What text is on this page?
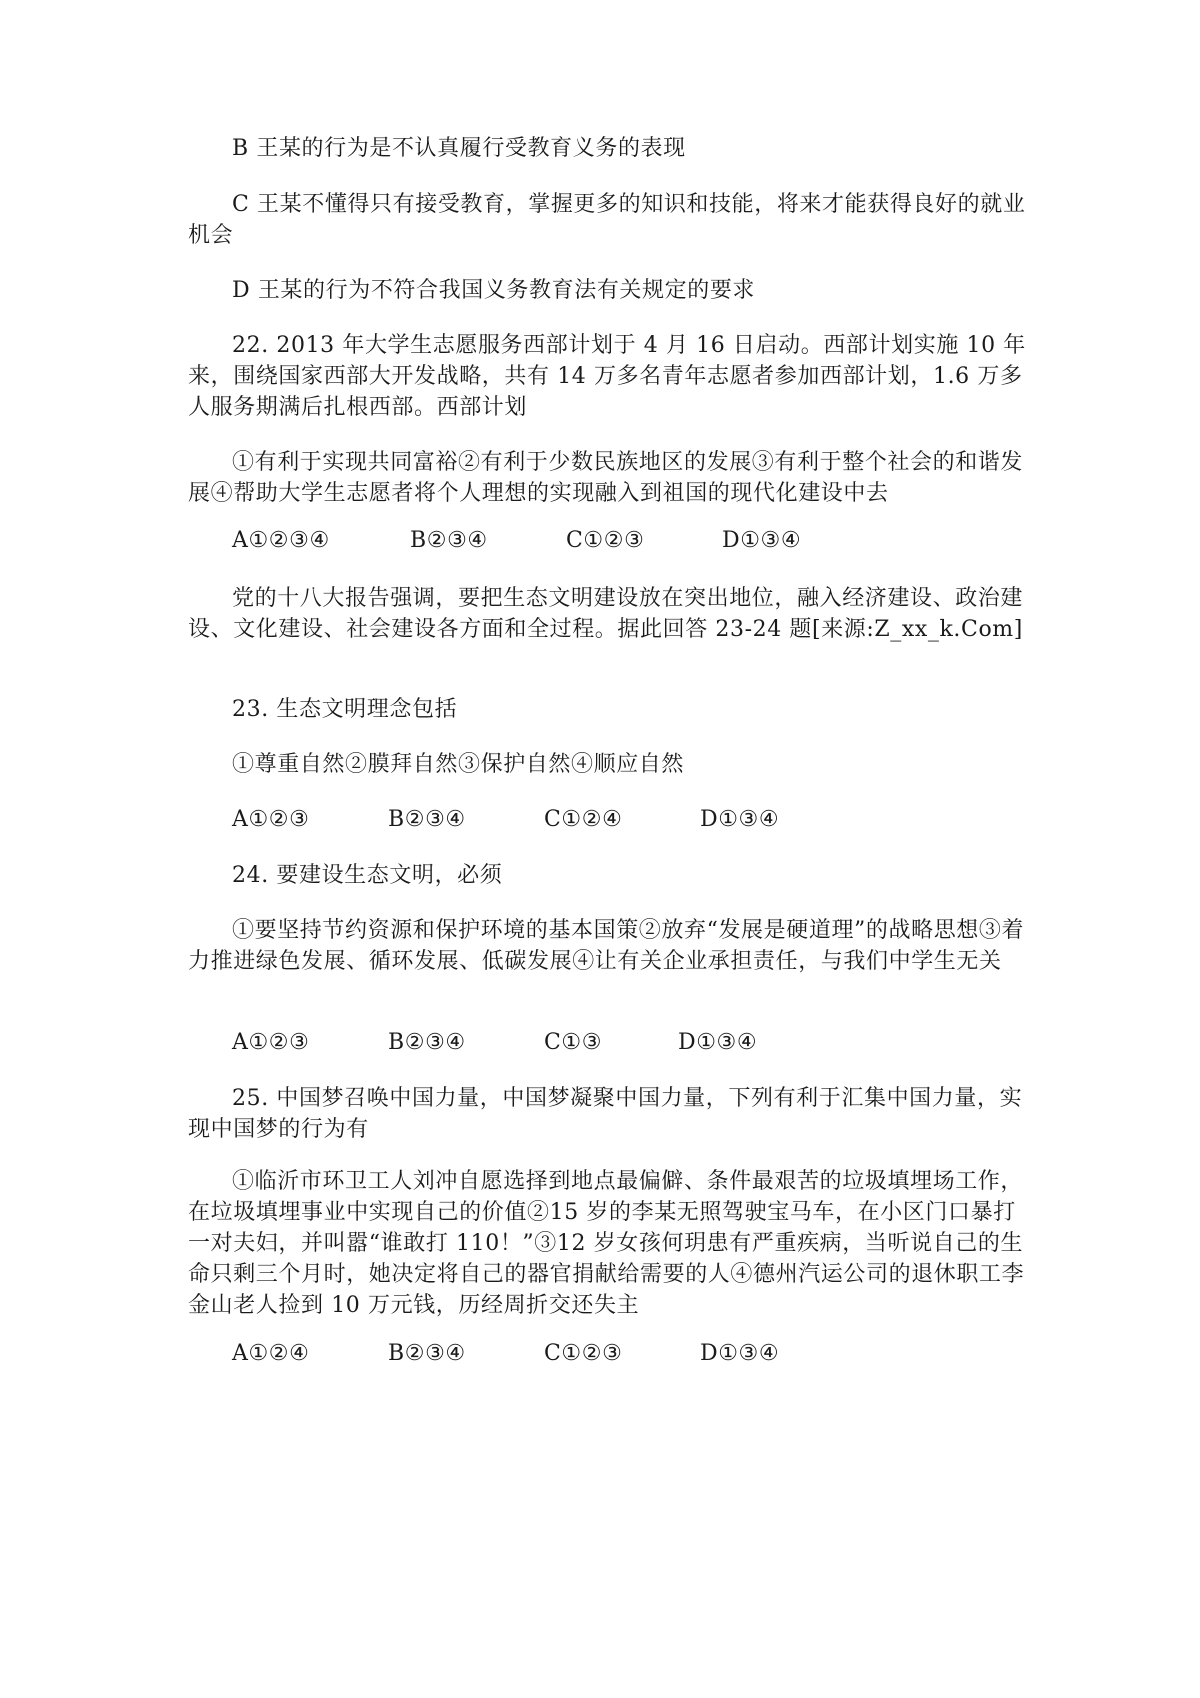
B 王某的行为是不认真履行受教育义务的表现

C 王某不懂得只有接受教育，掌握更多的知识和技能，将来才能获得良好的就业机会

D 王某的行为不符合我国义务教育法有关规定的要求

22. 2013 年大学生志愿服务西部计划于 4 月 16 日启动。西部计划实施 10 年来，围绕国家西部大开发战略，共有 14 万多名青年志愿者参加西部计划，1.6 万多人服务期满后扎根西部。西部计划

①有利于实现共同富裕②有利于少数民族地区的发展③有利于整个社会的和谐发展④帮助大学生志愿者将个人理想的实现融入到祖国的现代化建设中去

A①②③④	B②③④	C①②③	D①③④

党的十八大报告强调，要把生态文明建设放在突出地位，融入经济建设、政治建设、文化建设、社会建设各方面和全过程。据此回答 23-24 题[来源:Z_xx_k.Com]

23. 生态文明理念包括

①尊重自然②膜拜自然③保护自然④顺应自然

A①②③	B②③④	C①②④	D①③④

24. 要建设生态文明，必须

①要坚持节约资源和保护环境的基本国策②放弃“发展是硬道理”的战略思想③着力推进绿色发展、循环发展、低碳发展④让有关企业承担责任，与我们中学生无关

A①②③	B②③④	C①③	D①③④

25. 中国梦召唤中国力量，中国梦凝聚中国力量，下列有利于汇集中国力量，实现中国梦的行为有

①临沂市环卫工人刘冲自愿选择到地点最偏僻、条件最艰苦的垃圾填埋场工作，在垃圾填埋事业中实现自己的价值②15 岁的李某无照驾驶宝马车，在小区门口暴打一对夫妇，并叫嚣“谁敢打 110！”③12 岁女孩何玥患有严重疾病，当听说自己的生命只剩三个月时，她决定将自己的器官捐献给需要的人④德州汽运公司的退休职工李金山老人捡到 10 万元钱，历经周折交还失主

A①②④	B②③④	C①②③	D①③④
